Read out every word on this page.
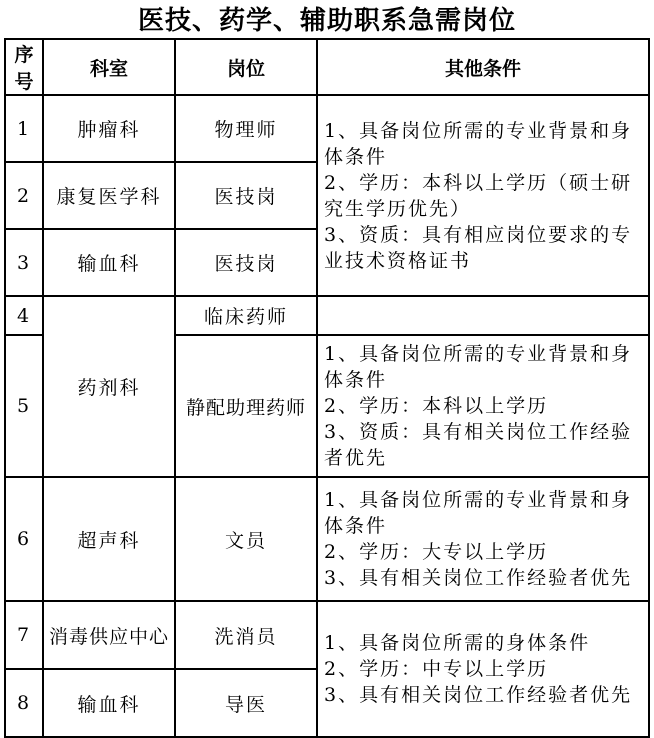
医技、药学、辅助职系急需岗位
序号	科室	岗位	其他条件
1	肿瘤科	物理师	1、具备岗位所需的专业背景和身体条件
2、学历：本科以上学历（硕士研究生学历优先）
3、资质：具有相应岗位要求的专业技术资格证书

2	康复医学科	医技岗	
3	输血科	医技岗	
4	药剂科	临床药师	
5		静配助理药师	1、具备岗位所需的专业背景和身体条件
2、学历：本科以上学历
3、资质：具有相关岗位工作经验者优先

6	超声科	文员	1、具备岗位所需的专业背景和身体条件
2、学历：大专以上学历
3、具有相关岗位工作经验者优先

7	消毒供应中心	洗消员	1、具备岗位所需的身体条件
2、学历：中专以上学历
3、具有相关岗位工作经验者优先

8	输血科	导医	
